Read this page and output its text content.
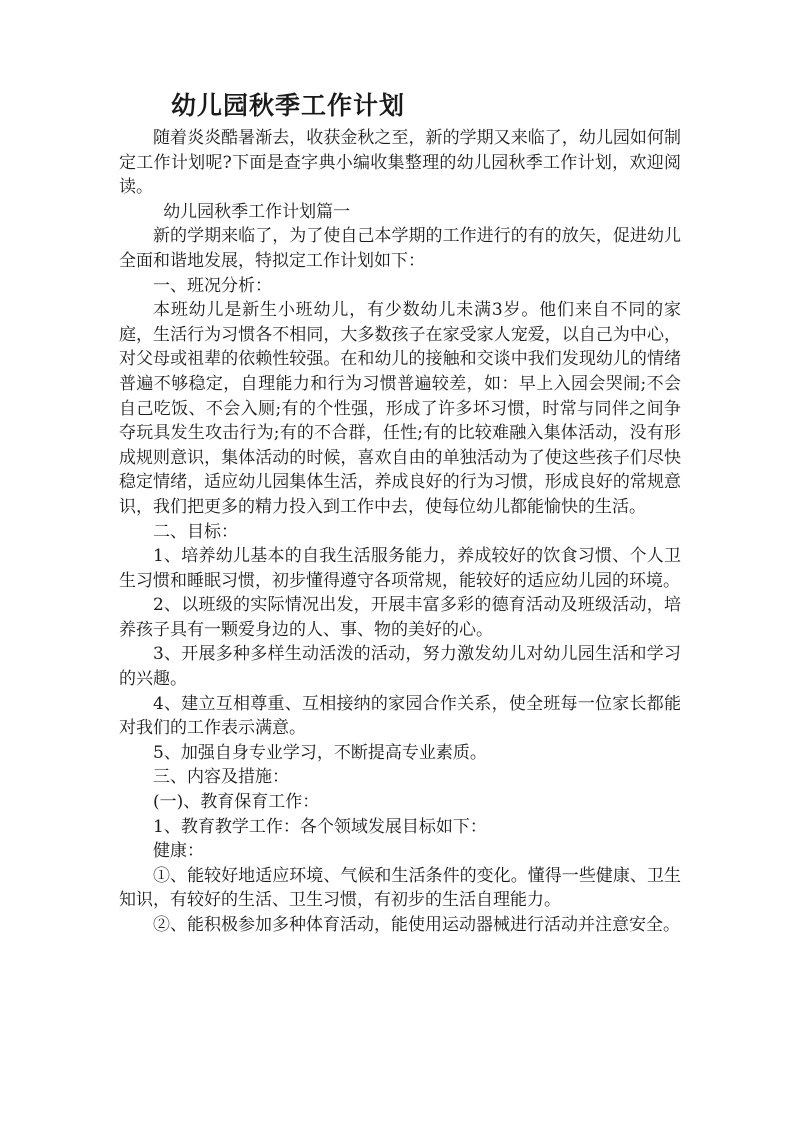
幼儿园秋季工作计划

随着炎炎酷暑渐去，收获金秋之至，新的学期又来临了，幼儿园如何制定工作计划呢?下面是查字典小编收集整理的幼儿园秋季工作计划，欢迎阅读。

幼儿园秋季工作计划篇一

新的学期来临了，为了使自己本学期的工作进行的有的放矢，促进幼儿全面和谐地发展，特拟定工作计划如下：

一、班况分析：

本班幼儿是新生小班幼儿，有少数幼儿未满3岁。他们来自不同的家庭，生活行为习惯各不相同，大多数孩子在家受家人宠爱，以自己为中心，对父母或祖辈的依赖性较强。在和幼儿的接触和交谈中我们发现幼儿的情绪普遍不够稳定，自理能力和行为习惯普遍较差，如：早上入园会哭闹;不会自己吃饭、不会入厕;有的个性强，形成了许多坏习惯，时常与同伴之间争夺玩具发生攻击行为;有的不合群，任性;有的比较难融入集体活动，没有形成规则意识，集体活动的时候，喜欢自由的单独活动为了使这些孩子们尽快稳定情绪，适应幼儿园集体生活，养成良好的行为习惯，形成良好的常规意识，我们把更多的精力投入到工作中去，使每位幼儿都能愉快的生活。

二、目标：

1、培养幼儿基本的自我生活服务能力，养成较好的饮食习惯、个人卫生习惯和睡眠习惯，初步懂得遵守各项常规，能较好的适应幼儿园的环境。

2、以班级的实际情况出发，开展丰富多彩的德育活动及班级活动，培养孩子具有一颗爱身边的人、事、物的美好的心。

3、开展多种多样生动活泼的活动，努力激发幼儿对幼儿园生活和学习的兴趣。

4、建立互相尊重、互相接纳的家园合作关系，使全班每一位家长都能对我们的工作表示满意。

5、加强自身专业学习，不断提高专业素质。

三、内容及措施：

(一)、教育保育工作：

1、教育教学工作：各个领域发展目标如下：

健康：

①、能较好地适应环境、气候和生活条件的变化。懂得一些健康、卫生知识，有较好的生活、卫生习惯，有初步的生活自理能力。

②、能积极参加多种体育活动，能使用运动器械进行活动并注意安全。
